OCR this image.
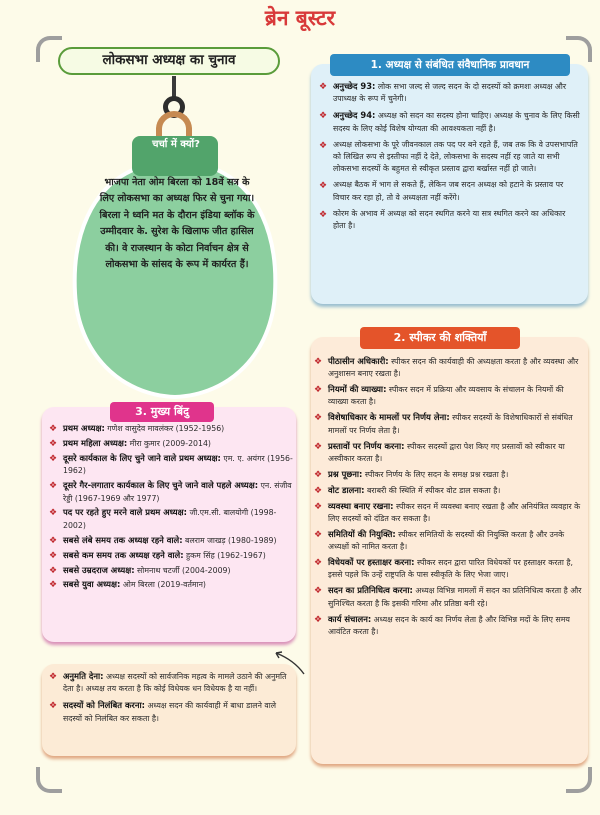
ब्रेन बूस्टर
लोकसभा अध्यक्ष का चुनाव
चर्चा में क्यों?
भाजपा नेता ओम बिरला को 18वें सत्र के लिए लोकसभा का अध्यक्ष फिर से चुना गया। बिरला ने ध्वनि मत के दौरान इंडिया ब्लॉक के उम्मीदवार के. सुरेश के खिलाफ जीत हासिल की। वे राजस्थान के कोटा निर्वाचन क्षेत्र से लोकसभा के सांसद के रूप में कार्यरत हैं।
1. अध्यक्ष से संबंधित संवैधानिक प्रावधान
❖ अनुच्छेद 93: लोक सभा जल्द से जल्द सदन के दो सदस्यों को क्रमशः अध्यक्ष और उपाध्यक्ष के रूप में चुनेगी।
❖ अनुच्छेद 94: अध्यक्ष को सदन का सदस्य होना चाहिए। अध्यक्ष के चुनाव के लिए किसी सदस्य के लिए कोई विशेष योग्यता की आवश्यकता नहीं है।
❖ अध्यक्ष लोकसभा के पूरे जीवनकाल तक पद पर बने रहते हैं, जब तक कि वे उपसभापति को लिखित रूप से इस्तीफा नहीं दे देते, लोकसभा के सदस्य नहीं रह जाते या सभी लोकसभा सदस्यों के बहुमत से स्वीकृत प्रस्ताव द्वारा बर्खास्त नहीं हो जाते।
❖ अध्यक्ष बैठक में भाग ले सकते हैं, लेकिन जब सदन अध्यक्ष को हटाने के प्रस्ताव पर विचार कर रहा हो, तो वे अध्यक्षता नहीं करेंगे।
❖ कोरम के अभाव में अध्यक्ष को सदन स्थगित करने या सत्र स्थगित करने का अधिकार होता है।
2. स्पीकर की शक्तियाँ
❖ पीठासीन अधिकारी: स्पीकर सदन की कार्यवाही की अध्यक्षता करता है और व्यवस्था और अनुशासन बनाए रखता है।
❖ नियमों की व्याख्या: स्पीकर सदन में प्रक्रिया और व्यवसाय के संचालन के नियमों की व्याख्या करता है।
❖ विशेषाधिकार के मामलों पर निर्णय लेना: स्पीकर सदस्यों के विशेषाधिकारों से संबंधित मामलों पर निर्णय लेता है।
❖ प्रस्तावों पर निर्णय करना: स्पीकर सदस्यों द्वारा पेश किए गए प्रस्तावों को स्वीकार या अस्वीकार करता है।
❖ प्रश्न पूछना: स्पीकर निर्णय के लिए सदन के समक्ष प्रश्न रखता है।
❖ वोट डालना: बराबरी की स्थिति में स्पीकर वोट डाल सकता है।
❖ व्यवस्था बनाए रखना: स्पीकर सदन में व्यवस्था बनाए रखता है और अनियंत्रित व्यवहार के लिए सदस्यों को दंडित कर सकता है।
❖ समितियों की नियुक्ति: स्पीकर समितियों के सदस्यों की नियुक्ति करता है और उनके अध्यक्षों को नामित करता है।
❖ विधेयकों पर हस्ताक्षर करना: स्पीकर सदन द्वारा पारित विधेयकों पर हस्ताक्षर करता है, इससे पहले कि उन्हें राष्ट्रपति के पास स्वीकृति के लिए भेजा जाए।
❖ सदन का प्रतिनिधित्व करना: अध्यक्ष विभिन्न मामलों में सदन का प्रतिनिधित्व करता है और सुनिश्चित करता है कि इसकी गरिमा और प्रतिष्ठा बनी रहे।
❖ कार्य संचालन: अध्यक्ष सदन के कार्य का निर्णय लेता है और विभिन्न मदों के लिए समय आवंटित करता है।
3. मुख्य बिंदु
❖ प्रथम अध्यक्ष: गणेश वासुदेव मावलंकर (1952-1956)
❖ प्रथम महिला अध्यक्ष: मीरा कुमार (2009-2014)
❖ दूसरे कार्यकाल के लिए चुने जाने वाले प्रथम अध्यक्ष: एम. ए. अयंगर (1956-1962)
❖ दूसरे गैर-लगातार कार्यकाल के लिए चुने जाने वाले पहले अध्यक्ष: एन. संजीव रेड्डी (1967-1969 और 1977)
❖ पद पर रहते हुए मरने वाले प्रथम अध्यक्ष: जी.एम.सी. बालयोगी (1998-2002)
❖ सबसे लंबे समय तक अध्यक्ष रहने वाले: बलराम जाखड़ (1980-1989)
❖ सबसे कम समय तक अध्यक्ष रहने वाले: हुकम सिंह (1962-1967)
❖ सबसे उम्रदराज अध्यक्ष: सोमनाथ चटर्जी (2004-2009)
❖ सबसे युवा अध्यक्ष: ओम बिरला (2019-वर्तमान)
❖ अनुमति देना: अध्यक्ष सदस्यों को सार्वजनिक महत्व के मामले उठाने की अनुमति देता है। अध्यक्ष तय करता है कि कोई विधेयक धन विधेयक है या नहीं।
❖ सदस्यों को निलंबित करना: अध्यक्ष सदन की कार्यवाही में बाधा डालने वाले सदस्यों को निलंबित कर सकता है।
